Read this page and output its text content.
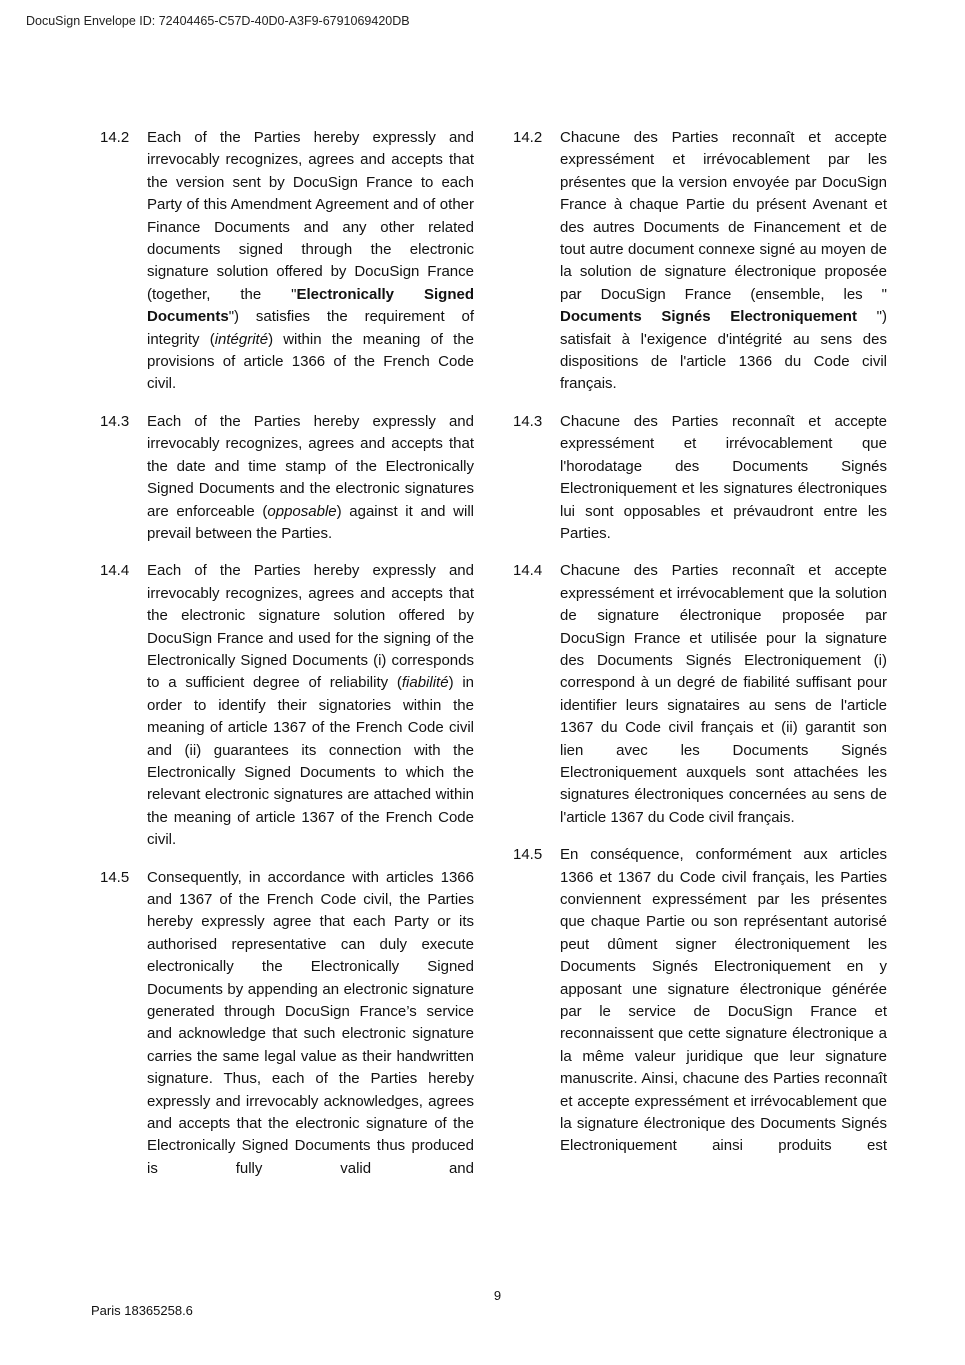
DocuSign Envelope ID: 72404465-C57D-40D0-A3F9-6791069420DB
14.2	Each of the Parties hereby expressly and irrevocably recognizes, agrees and accepts that the version sent by DocuSign France to each Party of this Amendment Agreement and of other Finance Documents and any other related documents signed through the electronic signature solution offered by DocuSign France (together, the "Electronically Signed Documents") satisfies the requirement of integrity (intégrité) within the meaning of the provisions of article 1366 of the French Code civil.
14.3	Each of the Parties hereby expressly and irrevocably recognizes, agrees and accepts that the date and time stamp of the Electronically Signed Documents and the electronic signatures are enforceable (opposable) against it and will prevail between the Parties.
14.4	Each of the Parties hereby expressly and irrevocably recognizes, agrees and accepts that the electronic signature solution offered by DocuSign France and used for the signing of the Electronically Signed Documents (i) corresponds to a sufficient degree of reliability (fiabilité) in order to identify their signatories within the meaning of article 1367 of the French Code civil and (ii) guarantees its connection with the Electronically Signed Documents to which the relevant electronic signatures are attached within the meaning of article 1367 of the French Code civil.
14.5	Consequently, in accordance with articles 1366 and 1367 of the French Code civil, the Parties hereby expressly agree that each Party or its authorised representative can duly execute electronically the Electronically Signed Documents by appending an electronic signature generated through DocuSign France’s service and acknowledge that such electronic signature carries the same legal value as their handwritten signature. Thus, each of the Parties hereby expressly and irrevocably acknowledges, agrees and accepts that the electronic signature of the Electronically Signed Documents thus produced is fully valid and
14.2	Chacune des Parties reconnaît et accepte expressément et irrévocablement par les présentes que la version envoyée par DocuSign France à chaque Partie du présent Avenant et des autres Documents de Financement et de tout autre document connexe signé au moyen de la solution de signature électronique proposée par DocuSign France (ensemble, les " Documents Signés Electroniquement ") satisfait à l'exigence d'intégrité au sens des dispositions de l'article 1366 du Code civil français.
14.3	Chacune des Parties reconnaît et accepte expressément et irrévocablement que l'horodatage des Documents Signés Electroniquement et les signatures électroniques lui sont opposables et prévaudront entre les Parties.
14.4	Chacune des Parties reconnaît et accepte expressément et irrévocablement que la solution de signature électronique proposée par DocuSign France et utilisée pour la signature des Documents Signés Electroniquement (i) correspond à un degré de fiabilité suffisant pour identifier leurs signataires au sens de l'article 1367 du Code civil français et (ii) garantit son lien avec les Documents Signés Electroniquement auxquels sont attachées les signatures électroniques concernées au sens de l'article 1367 du Code civil français.
14.5	En conséquence, conformément aux articles 1366 et 1367 du Code civil français, les Parties conviennent expressément par les présentes que chaque Partie ou son représentant autorisé peut dûment signer électroniquement les Documents Signés Electroniquement en y apposant une signature électronique générée par le service de DocuSign France et reconnaissent que cette signature électronique a la même valeur juridique que leur signature manuscrite. Ainsi, chacune des Parties reconnaît et accepte expressément et irrévocablement que la signature électronique des Documents Signés Electroniquement ainsi produits est
9
Paris 18365258.6
